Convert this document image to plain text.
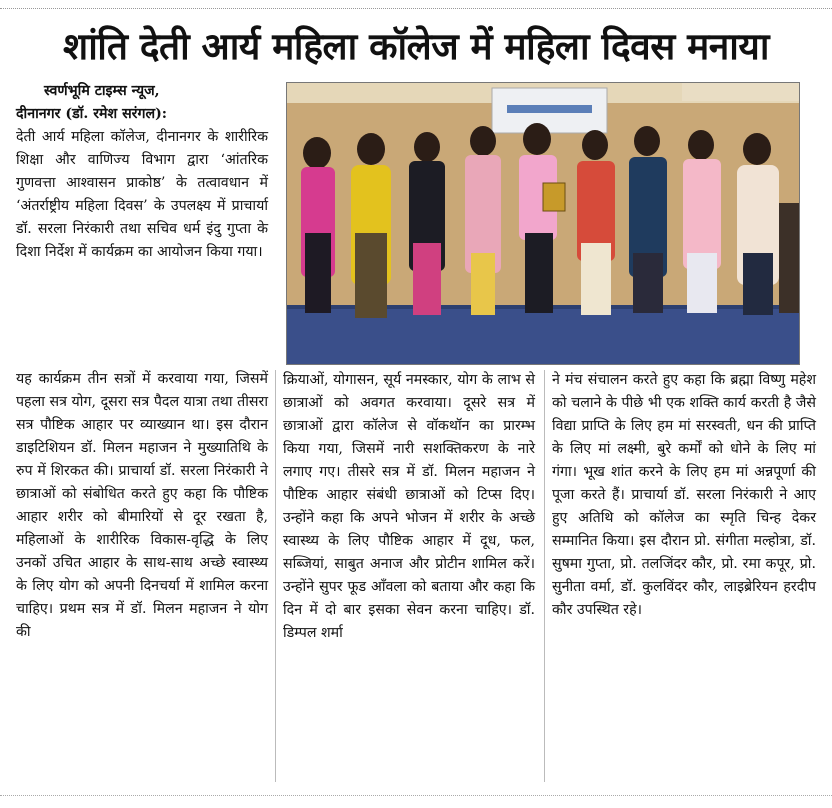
शांति देती आर्य महिला कॉलेज में महिला दिवस मनाया

स्वर्णभूमि टाइम्स न्यूज,
दीनानगर (डॉ. रमेश सरंगल):

देती आर्य महिला कॉलेज, दीनानगर के शारीरिक शिक्षा और वाणिज्य विभाग द्वारा ‘आंतरिक गुणवत्ता आश्वासन प्राकोष्ठ’ के तत्वावधान में ‘अंतर्राष्ट्रीय महिला दिवस’ के उपलक्ष्य में प्राचार्या डॉ. सरला निरंकारी तथा सचिव धर्म इंदु गुप्ता के दिशा निर्देश में कार्यक्रम का आयोजन किया गया।

यह कार्यक्रम तीन सत्रों में करवाया गया, जिसमें पहला सत्र योग, दूसरा सत्र पैदल यात्रा तथा तीसरा सत्र पौष्टिक आहार पर व्याख्यान था। इस दौरान डाइटिशियन डॉ. मिलन महाजन ने मुख्यातिथि के रुप में शिरकत की। प्राचार्या डॉ. सरला निरंकारी ने छात्राओं को संबोधित करते हुए कहा कि पौष्टिक आहार शरीर को बीमारियों से दूर रखता है, महिलाओं के शारीरिक विकास-वृद्धि के लिए उनकों उचित आहार के साथ-साथ अच्छे स्वास्थ्य के लिए योग को अपनी दिनचर्या में शामिल करना चाहिए। प्रथम सत्र में डॉ. मिलन महाजन ने योग की

क्रियाओं, योगासन, सूर्य नमस्कार, योग के लाभ से छात्राओं को अवगत करवाया। दूसरे सत्र में छात्राओं द्वारा कॉलेज से वॉकथॉन का प्रारम्भ किया गया, जिसमें नारी सशक्तिकरण के नारे लगाए गए। तीसरे सत्र में डॉ. मिलन महाजन ने पौष्टिक आहार संबंधी छात्राओं को टिप्स दिए। उन्होंने कहा कि अपने भोजन में शरीर के अच्छे स्वास्थ्य के लिए पौष्टिक आहार में दूध, फल, सब्जियां, साबुत अनाज और प्रोटीन शामिल करें। उन्होंने सुपर फूड आँवला को बताया और कहा कि दिन में दो बार इसका सेवन करना चाहिए। डॉ. डिम्पल शर्मा

ने मंच संचालन करते हुए कहा कि ब्रह्मा विष्णु महेश को चलाने के पीछे भी एक शक्ति कार्य करती है जैसे विद्या प्राप्ति के लिए हम मां सरस्वती, धन की प्राप्ति के लिए मां लक्ष्मी, बुरे कर्मों को धोने के लिए मां गंगा। भूख शांत करने के लिए हम मां अन्नपूर्णा की पूजा करते हैं। प्राचार्या डॉ. सरला निरंकारी ने आए हुए अतिथि को कॉलेज का स्मृति चिन्ह देकर सम्मानित किया। इस दौरान प्रो. संगीता मल्होत्रा, डॉ. सुषमा गुप्ता, प्रो. तलजिंदर कौर, प्रो. रमा कपूर, प्रो. सुनीता वर्मा, डॉ. कुलविंदर कौर, लाइब्रेरियन हरदीप कौर उपस्थित रहे।
